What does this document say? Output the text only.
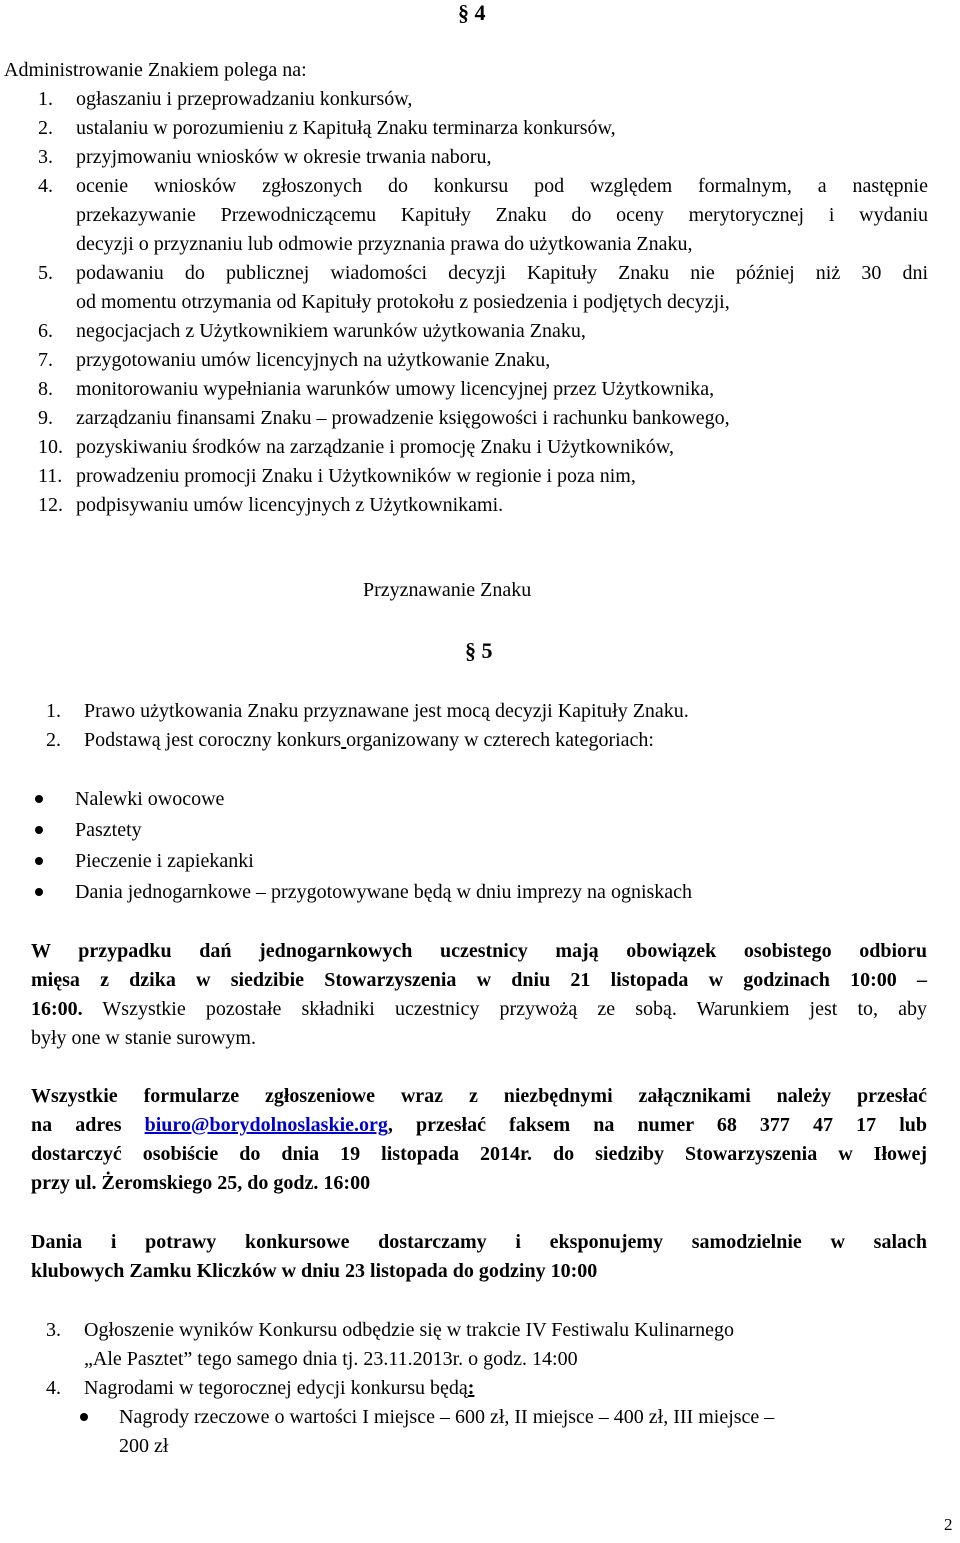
§ 4
Administrowanie Znakiem polega na:
1. ogłaszaniu i przeprowadzaniu konkursów,
2. ustalaniu w porozumieniu z Kapitułą Znaku terminarza konkursów,
3. przyjmowaniu wniosków w okresie trwania naboru,
4. ocenie wniosków zgłoszonych do konkursu pod względem formalnym, a następnie
przekazywanie Przewodniczącemu Kapituły Znaku do oceny merytorycznej i wydaniu
decyzji o przyznaniu lub odmowie przyznania prawa do użytkowania Znaku,
5. podawaniu do publicznej wiadomości decyzji Kapituły Znaku nie później niż 30 dni
od momentu otrzymania od Kapituły protokołu z posiedzenia i podjętych decyzji,
6. negocjacjach z Użytkownikiem warunków użytkowania Znaku,
7. przygotowaniu umów licencyjnych na użytkowanie Znaku,
8. monitorowaniu wypełniania warunków umowy licencyjnej przez Użytkownika,
9. zarządzaniu finansami Znaku – prowadzenie księgowości i rachunku bankowego,
10. pozyskiwaniu środków na zarządzanie i promocję Znaku i Użytkowników,
11. prowadzeniu promocji Znaku i Użytkowników w regionie i poza nim,
12. podpisywaniu umów licencyjnych z Użytkownikami.
Przyznawanie Znaku
§ 5
1. Prawo użytkowania Znaku przyznawane jest mocą decyzji Kapituły Znaku.
2. Podstawą jest coroczny konkurs organizowany w czterech kategoriach:
Nalewki owocowe
Pasztety
Pieczenie i zapiekanki
Dania jednogarnkowe – przygotowywane będą w dniu imprezy na ogniskach
W przypadku dań jednogarnkowych uczestnicy mają obowiązek osobistego odbioru
mięsa z dzika w siedzibie Stowarzyszenia w dniu 21 listopada w godzinach 10:00 –
16:00. Wszystkie pozostałe składniki uczestnicy przywożą ze sobą. Warunkiem jest to, aby
były one w stanie surowym.
Wszystkie formularze zgłoszeniowe wraz z niezbędnymi załącznikami należy przesłać
na adres biuro@borydolnoslaskie.org, przesłać faksem na numer 68 377 47 17 lub
dostarczyć osobiście do dnia 19 listopada 2014r. do siedziby Stowarzyszenia w Iłowej
przy ul. Żeromskiego 25, do godz. 16:00
Dania i potrawy konkursowe dostarczamy i eksponujemy samodzielnie w salach
klubowych Zamku Kliczków w dniu 23 listopada do godziny 10:00
3. Ogłoszenie wyników Konkursu odbędzie się w trakcie IV Festiwalu Kulinarnego
„Ale Pasztet” tego samego dnia tj. 23.11.2013r. o godz. 14:00
4. Nagrodami w tegorocznej edycji konkursu będą:
Nagrody rzeczowe o wartości I miejsce – 600 zł, II miejsce – 400 zł, III miejsce –
200 zł
2
